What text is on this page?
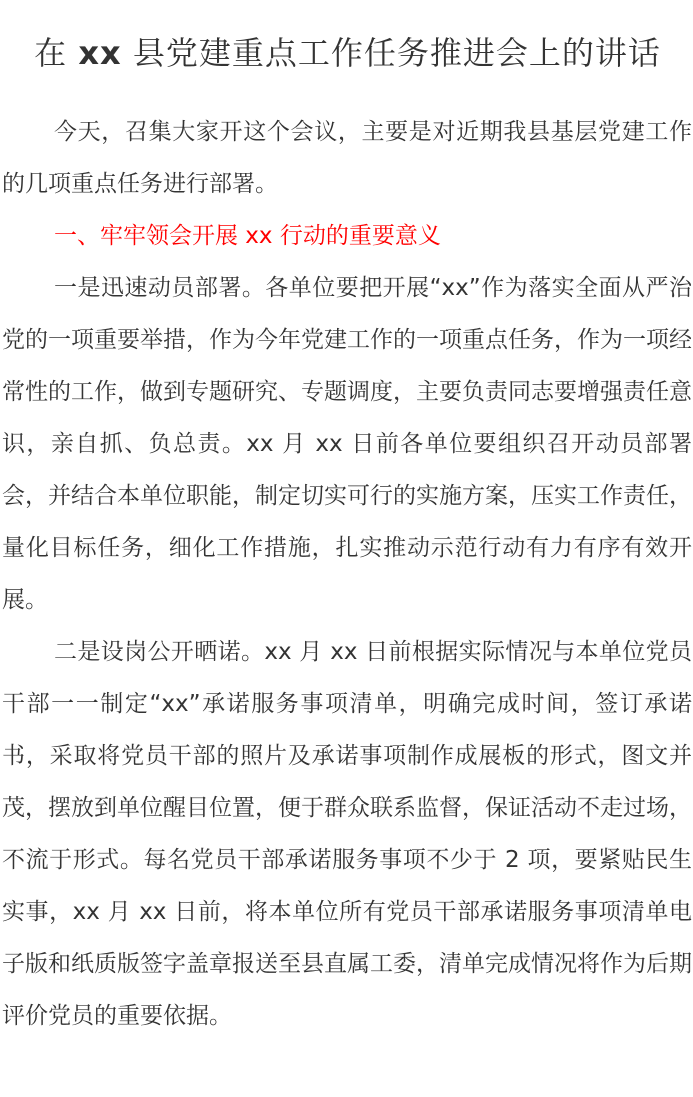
在 xx 县党建重点工作任务推进会上的讲话

今天，召集大家开这个会议，主要是对近期我县基层党建工作的几项重点任务进行部署。

一、牢牢领会开展 xx 行动的重要意义

一是迅速动员部署。各单位要把开展“xx”作为落实全面从严治党的一项重要举措，作为今年党建工作的一项重点任务，作为一项经常性的工作，做到专题研究、专题调度，主要负责同志要增强责任意识，亲自抓、负总责。xx 月 xx 日前各单位要组织召开动员部署会，并结合本单位职能，制定切实可行的实施方案，压实工作责任，量化目标任务，细化工作措施，扎实推动示范行动有力有序有效开展。

二是设岗公开晒诺。xx 月 xx 日前根据实际情况与本单位党员干部一一制定“xx”承诺服务事项清单，明确完成时间，签订承诺书，采取将党员干部的照片及承诺事项制作成展板的形式，图文并茂，摆放到单位醒目位置，便于群众联系监督，保证活动不走过场，不流于形式。每名党员干部承诺服务事项不少于 2 项，要紧贴民生实事，xx 月 xx 日前，将本单位所有党员干部承诺服务事项清单电子版和纸质版签字盖章报送至县直属工委，清单完成情况将作为后期评价党员的重要依据。
